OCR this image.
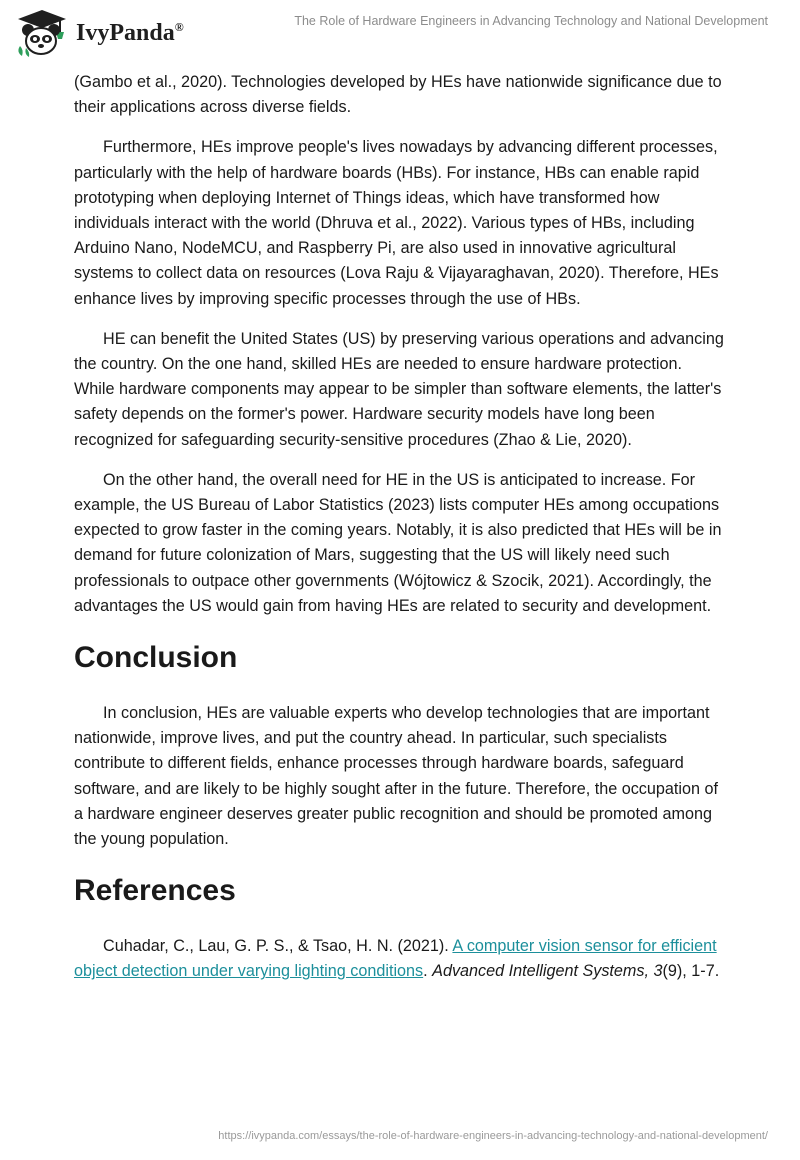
IvyPanda®	The Role of Hardware Engineers in Advancing Technology and National Development

(Gambo et al., 2020). Technologies developed by HEs have nationwide significance due to their applications across diverse fields.

Furthermore, HEs improve people's lives nowadays by advancing different processes, particularly with the help of hardware boards (HBs). For instance, HBs can enable rapid prototyping when deploying Internet of Things ideas, which have transformed how individuals interact with the world (Dhruva et al., 2022). Various types of HBs, including Arduino Nano, NodeMCU, and Raspberry Pi, are also used in innovative agricultural systems to collect data on resources (Lova Raju & Vijayaraghavan, 2020). Therefore, HEs enhance lives by improving specific processes through the use of HBs.

HE can benefit the United States (US) by preserving various operations and advancing the country. On the one hand, skilled HEs are needed to ensure hardware protection. While hardware components may appear to be simpler than software elements, the latter's safety depends on the former's power. Hardware security models have long been recognized for safeguarding security-sensitive procedures (Zhao & Lie, 2020).

On the other hand, the overall need for HE in the US is anticipated to increase. For example, the US Bureau of Labor Statistics (2023) lists computer HEs among occupations expected to grow faster in the coming years. Notably, it is also predicted that HEs will be in demand for future colonization of Mars, suggesting that the US will likely need such professionals to outpace other governments (Wójtowicz & Szocik, 2021). Accordingly, the advantages the US would gain from having HEs are related to security and development.

Conclusion

In conclusion, HEs are valuable experts who develop technologies that are important nationwide, improve lives, and put the country ahead. In particular, such specialists contribute to different fields, enhance processes through hardware boards, safeguard software, and are likely to be highly sought after in the future. Therefore, the occupation of a hardware engineer deserves greater public recognition and should be promoted among the young population.

References

Cuhadar, C., Lau, G. P. S., & Tsao, H. N. (2021). A computer vision sensor for efficient object detection under varying lighting conditions. Advanced Intelligent Systems, 3(9), 1-7.

https://ivypanda.com/essays/the-role-of-hardware-engineers-in-advancing-technology-and-national-development/
